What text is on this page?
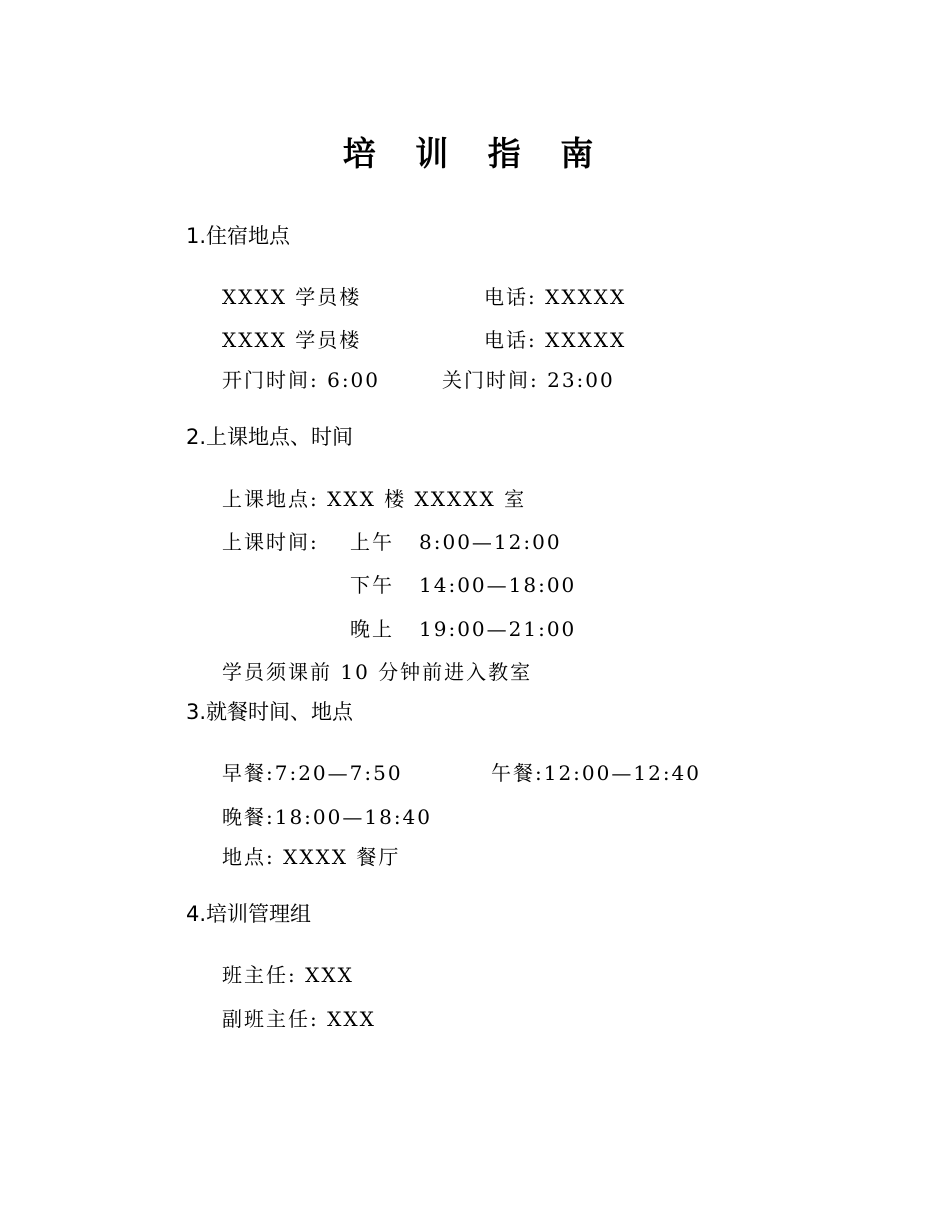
培 训 指 南
1.住宿地点
XXXX 学员楼	电话: XXXXX
XXXX 学员楼	电话: XXXXX
开门时间: 6:00	关门时间: 23:00
2.上课地点、时间
上课地点: XXX 楼 XXXXX 室
上课时间: 上午 8:00—12:00
下午 14:00—18:00
晚上 19:00—21:00
学员须课前 10 分钟前进入教室
3.就餐时间、地点
早餐:7:20—7:50	午餐:12:00—12:40
晚餐:18:00—18:40
地点: XXXX 餐厅
4.培训管理组
班主任: XXX
副班主任: XXX
